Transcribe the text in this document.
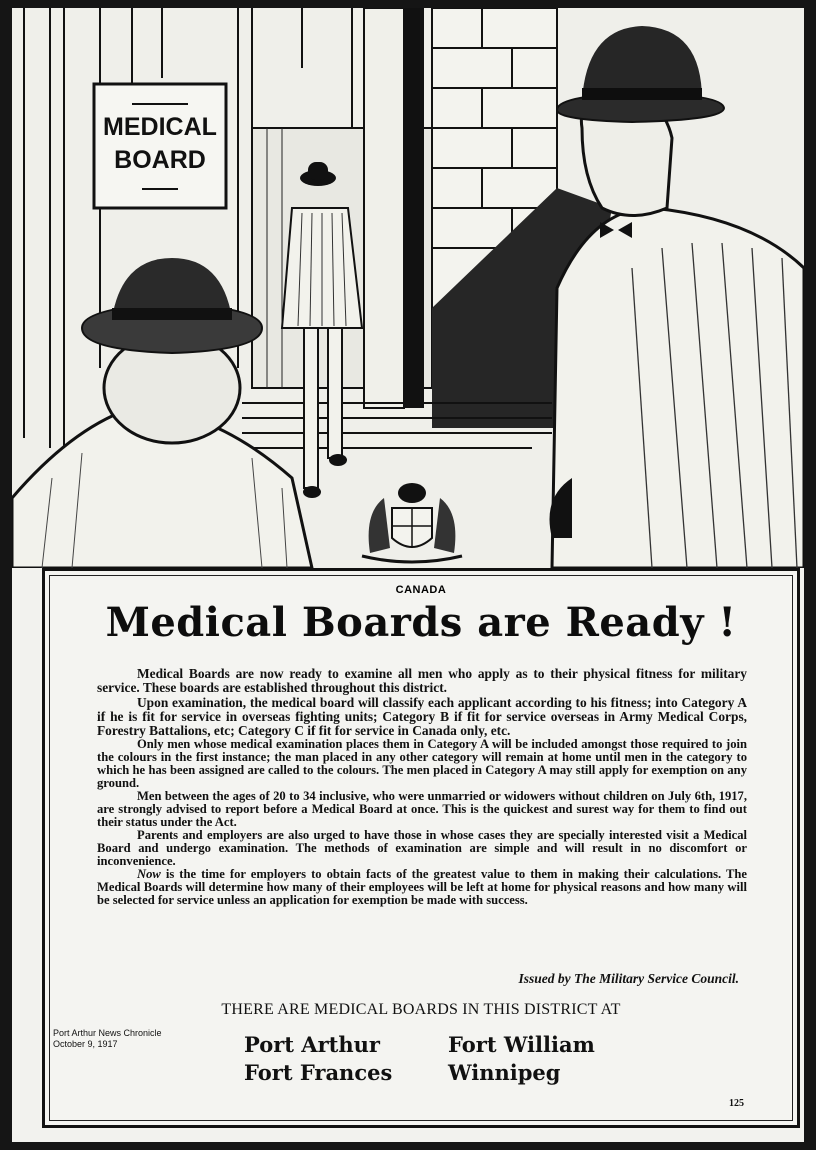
MEDICAL
BOARD
CANADA
Medical Boards are Ready !

Medical Boards are now ready to examine all men who apply as to their physical fitness for military service. These boards are established throughout this district.

Upon examination, the medical board will classify each applicant according to his fitness; into Category A if he is fit for service in overseas fighting units; Category B if fit for service overseas in Army Medical Corps, Forestry Battalions, etc; Category C if fit for service in Canada only, etc.

Only men whose medical examination places them in Category A will be included amongst those required to join the colours in the first instance; the man placed in any other category will remain at home until men in the category to which he has been assigned are called to the colours. The men placed in Category A may still apply for exemption on any ground.

Men between the ages of 20 to 34 inclusive, who were unmarried or widowers without children on July 6th, 1917, are strongly advised to report before a Medical Board at once. This is the quickest and surest way for them to find out their status under the Act.

Parents and employers are also urged to have those in whose cases they are specially interested visit a Medical Board and undergo examination. The methods of examination are simple and will result in no discomfort or inconvenience.

Now is the time for employers to obtain facts of the greatest value to them in making their calculations. The Medical Boards will determine how many of their employees will be left at home for physical reasons and how many will be selected for service unless an application for exemption be made with success.

Issued by The Military Service Council.
THERE ARE MEDICAL BOARDS IN THIS DISTRICT AT
Port Arthur	Fort William
Fort Frances	Winnipeg
125
Port Arthur News Chronicle
October 9, 1917
